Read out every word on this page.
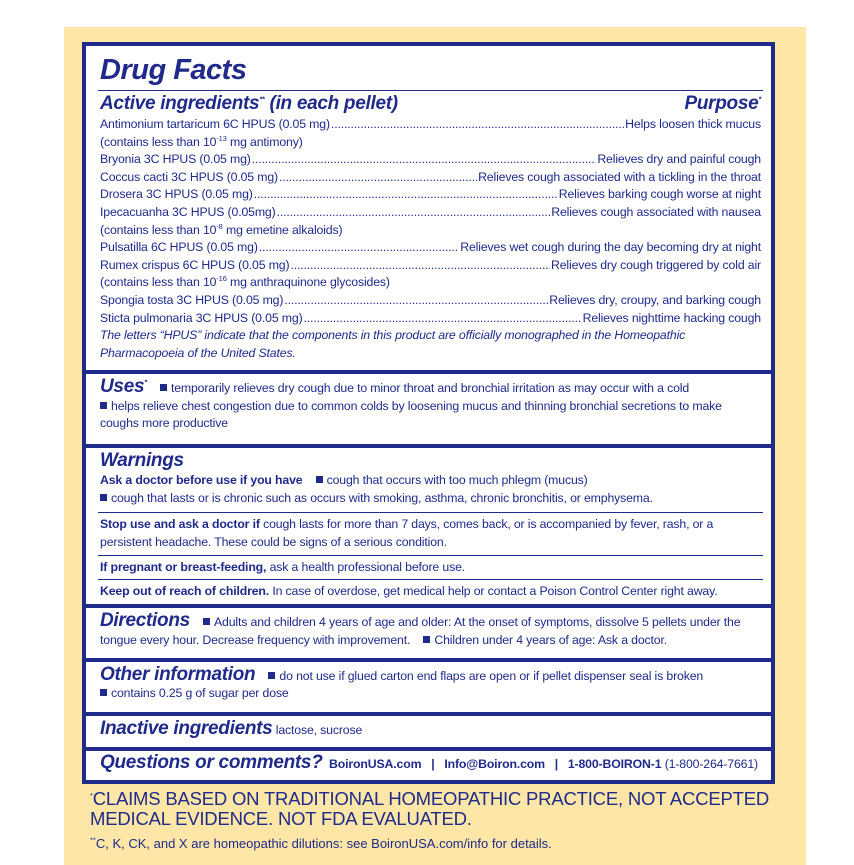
Drug Facts
Active ingredients** (in each pellet)	Purpose*
Antimonium tartaricum 6C HPUS (0.05 mg) .....	Helps loosen thick mucus
(contains less than $10^{-13}$ mg antimony)
Bryonia 3C HPUS (0.05 mg) .....	Relieves dry and painful cough
Coccus cacti 3C HPUS (0.05 mg) .....	Relieves cough associated with a tickling in the throat
Drosera 3C HPUS (0.05 mg) .....	Relieves barking cough worse at night
Ipecacuanha 3C HPUS (0.05mg) .....	Relieves cough associated with nausea
(contains less than $10^{-8}$ mg emetine alkaloids)
Pulsatilla 6C HPUS (0.05 mg) .....	Relieves wet cough during the day becoming dry at night
Rumex crispus 6C HPUS (0.05 mg) .....	Relieves dry cough triggered by cold air
(contains less than $10^{-16}$ mg anthraquinone glycosides)
Spongia tosta 3C HPUS (0.05 mg) .....	Relieves dry, croupy, and barking cough
Sticta pulmonaria 3C HPUS (0.05 mg) .....	Relieves nighttime hacking cough
The letters “HPUS” indicate that the components in this product are officially monographed in the Homeopathic Pharmacopoeia of the United States.
Uses* temporarily relieves dry cough due to minor throat and bronchial irritation as may occur with a cold
helps relieve chest congestion due to common colds by loosening mucus and thinning bronchial secretions to make coughs more productive
Warnings
Ask a doctor before use if you have cough that occurs with too much phlegm (mucus)
cough that lasts or is chronic such as occurs with smoking, asthma, chronic bronchitis, or emphysema.
Stop use and ask a doctor if cough lasts for more than 7 days, comes back, or is accompanied by fever, rash, or a persistent headache. These could be signs of a serious condition.
If pregnant or breast-feeding, ask a health professional before use.
Keep out of reach of children. In case of overdose, get medical help or contact a Poison Control Center right away.
Directions Adults and children 4 years of age and older: At the onset of symptoms, dissolve 5 pellets under the tongue every hour. Decrease frequency with improvement. Children under 4 years of age: Ask a doctor.
Other information do not use if glued carton end flaps are open or if pellet dispenser seal is broken
contains 0.25 g of sugar per dose
Inactive ingredients lactose, sucrose
Questions or comments? BoironUSA.com | Info@Boiron.com | 1-800-BOIRON-1 (1-800-264-7661)
*CLAIMS BASED ON TRADITIONAL HOMEOPATHIC PRACTICE, NOT ACCEPTED MEDICAL EVIDENCE. NOT FDA EVALUATED.
**C, K, CK, and X are homeopathic dilutions: see BoironUSA.com/info for details.
